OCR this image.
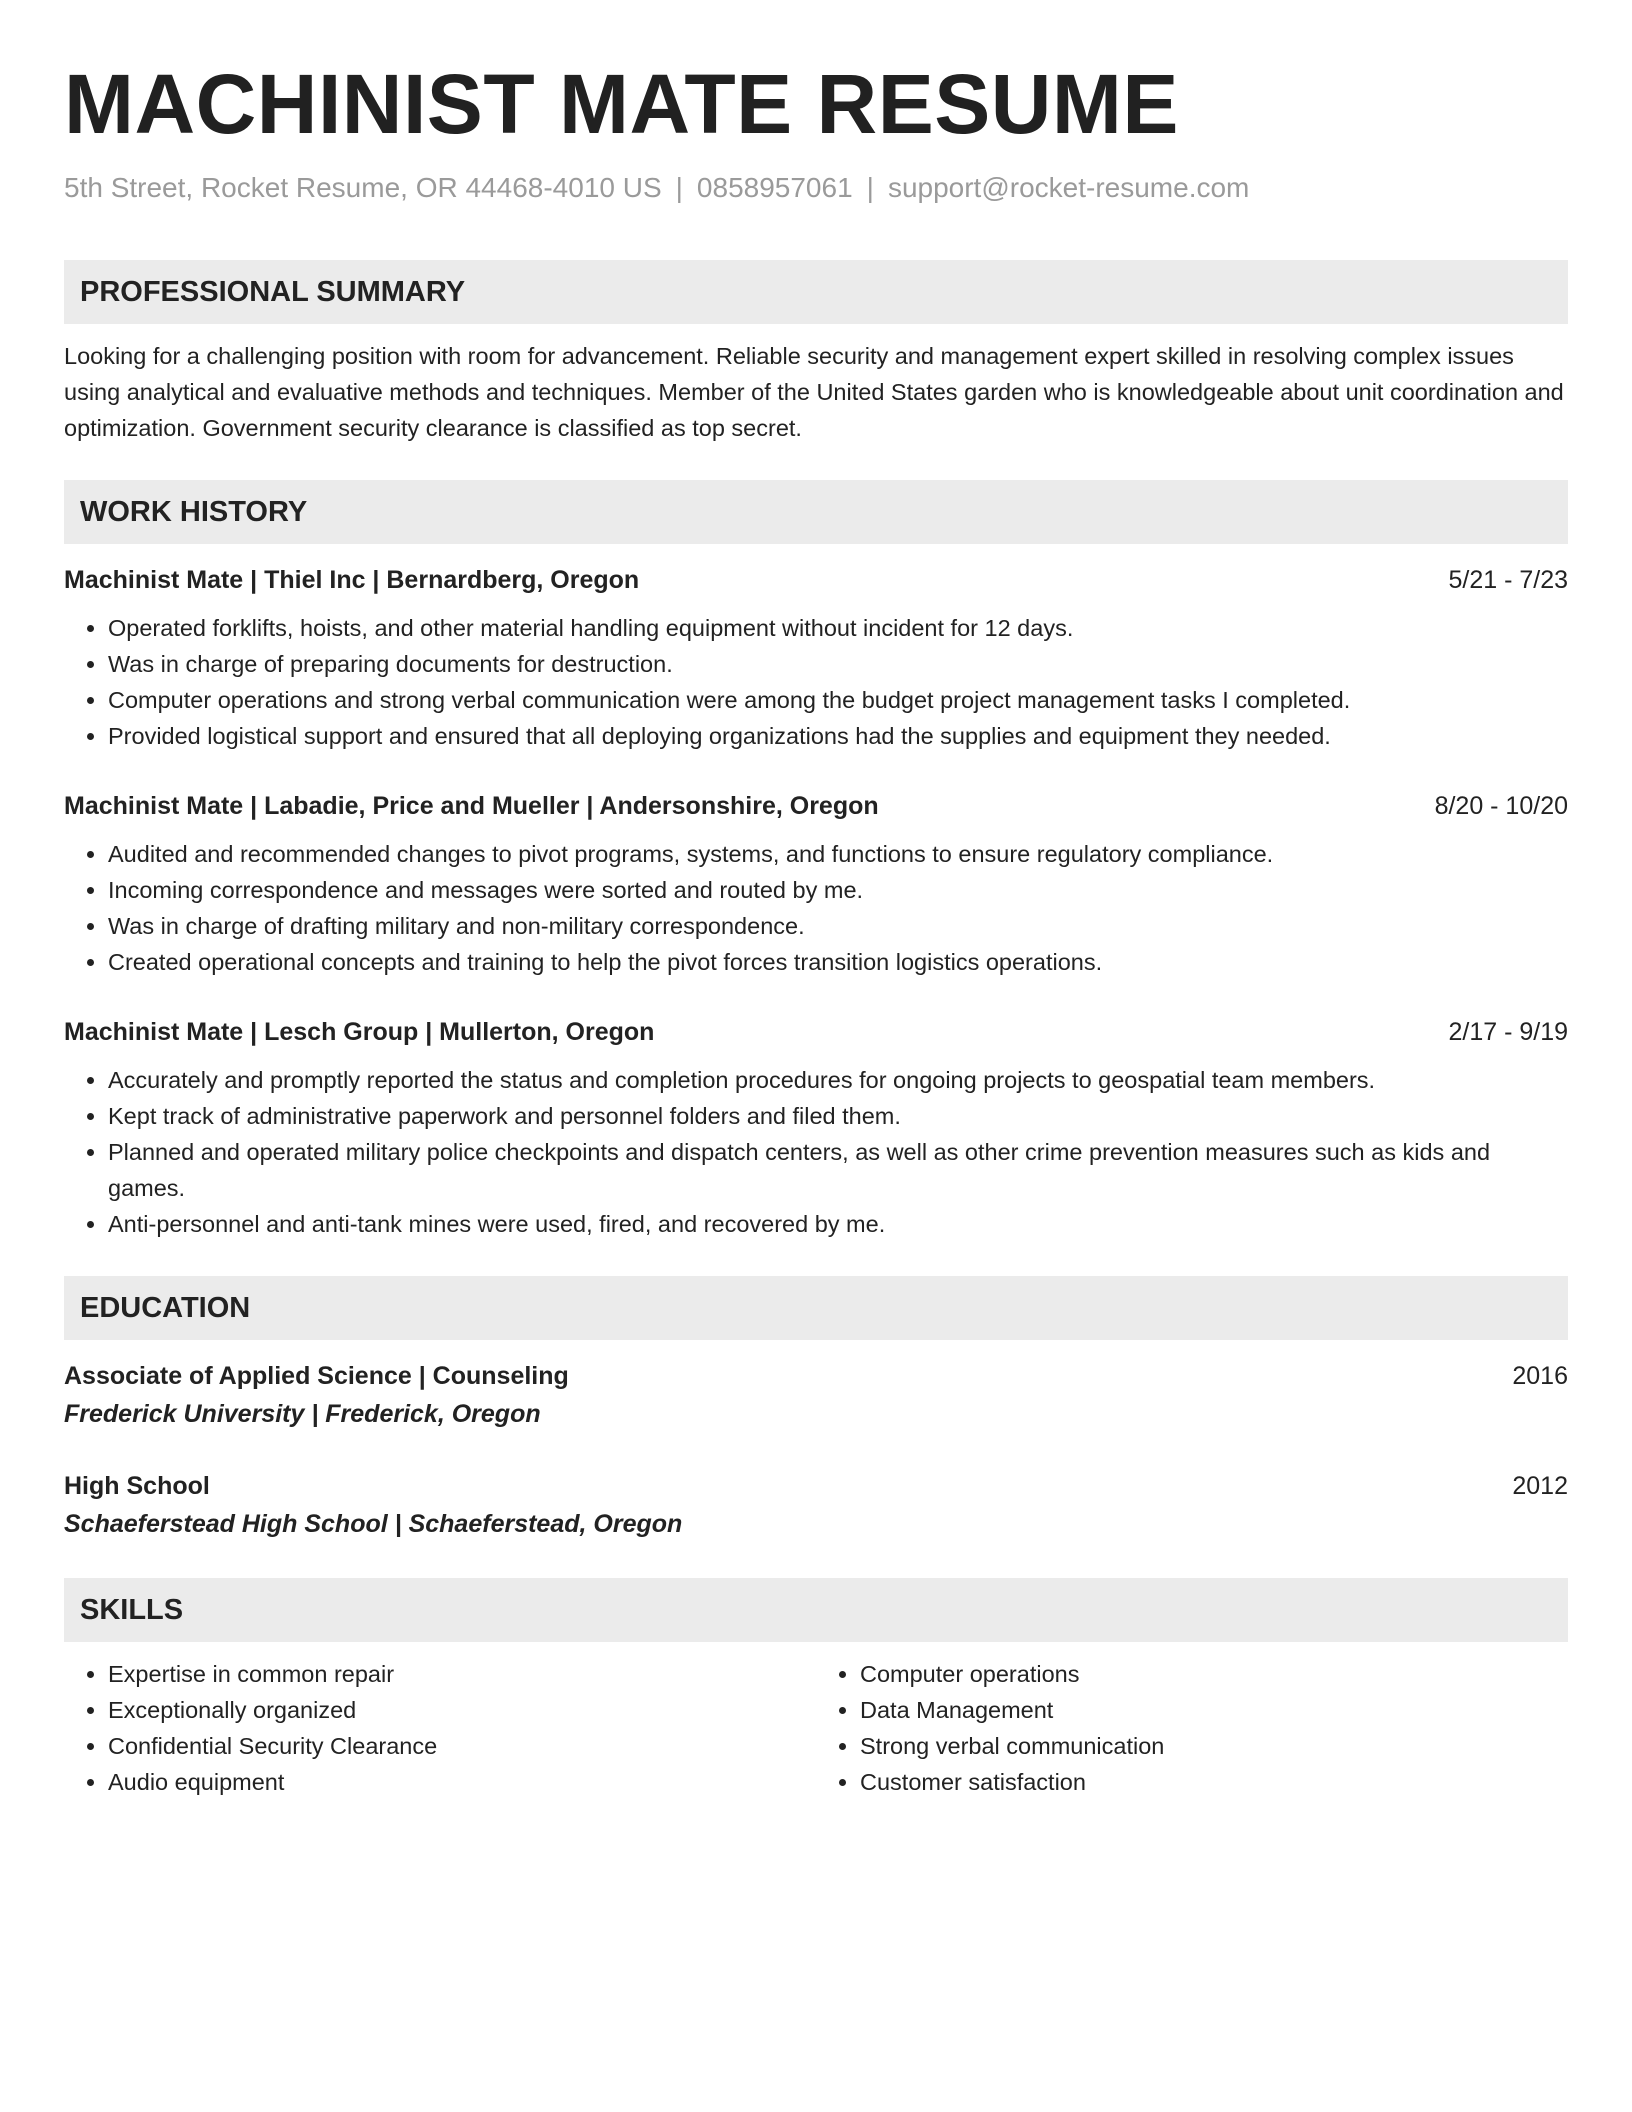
MACHINIST MATE RESUME
5th Street, Rocket Resume, OR 44468-4010 US | 0858957061 | support@rocket-resume.com
PROFESSIONAL SUMMARY
Looking for a challenging position with room for advancement. Reliable security and management expert skilled in resolving complex issues using analytical and evaluative methods and techniques. Member of the United States garden who is knowledgeable about unit coordination and optimization. Government security clearance is classified as top secret.
WORK HISTORY
Machinist Mate | Thiel Inc | Bernardberg, Oregon	5/21 - 7/23
• Operated forklifts, hoists, and other material handling equipment without incident for 12 days.
• Was in charge of preparing documents for destruction.
• Computer operations and strong verbal communication were among the budget project management tasks I completed.
• Provided logistical support and ensured that all deploying organizations had the supplies and equipment they needed.
Machinist Mate | Labadie, Price and Mueller | Andersonshire, Oregon	8/20 - 10/20
• Audited and recommended changes to pivot programs, systems, and functions to ensure regulatory compliance.
• Incoming correspondence and messages were sorted and routed by me.
• Was in charge of drafting military and non-military correspondence.
• Created operational concepts and training to help the pivot forces transition logistics operations.
Machinist Mate | Lesch Group | Mullerton, Oregon	2/17 - 9/19
• Accurately and promptly reported the status and completion procedures for ongoing projects to geospatial team members.
• Kept track of administrative paperwork and personnel folders and filed them.
• Planned and operated military police checkpoints and dispatch centers, as well as other crime prevention measures such as kids and games.
• Anti-personnel and anti-tank mines were used, fired, and recovered by me.
EDUCATION
Associate of Applied Science | Counseling	2016
Frederick University | Frederick, Oregon
High School	2012
Schaeferstead High School | Schaeferstead, Oregon
SKILLS
• Expertise in common repair
• Exceptionally organized
• Confidential Security Clearance
• Audio equipment
• Computer operations
• Data Management
• Strong verbal communication
• Customer satisfaction
